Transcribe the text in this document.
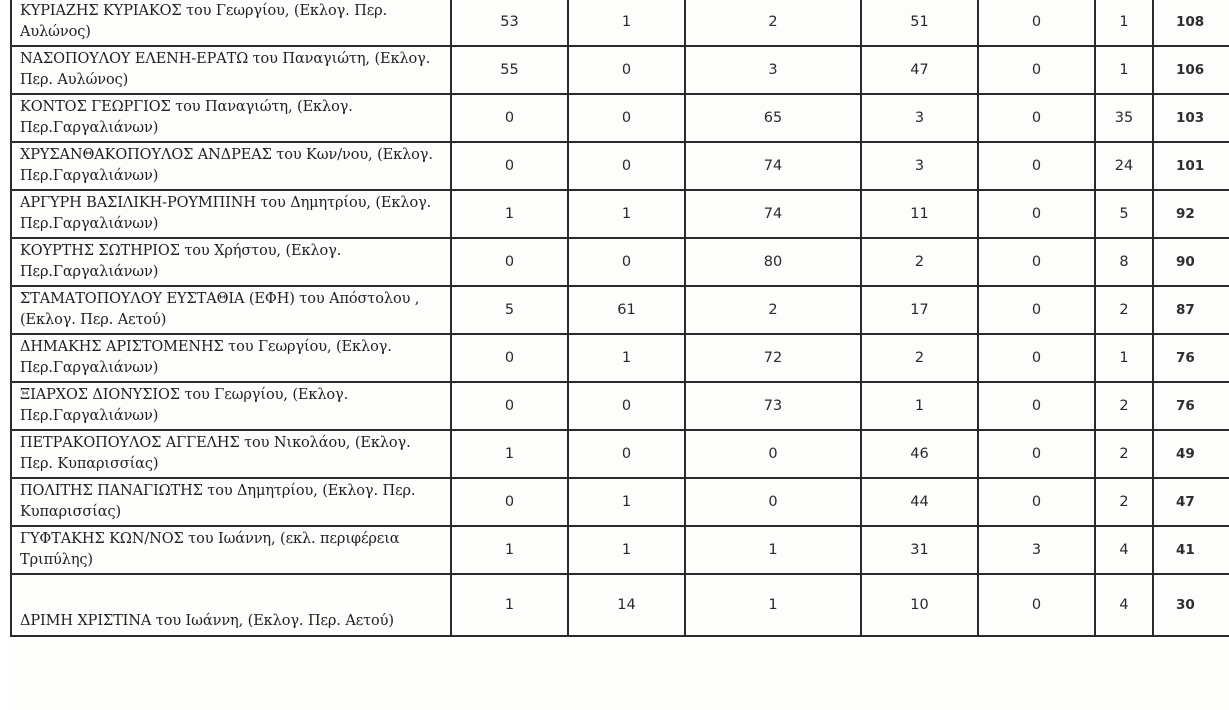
ΚΥΡΙΑΖΗΣ ΚΥΡΙΑΚΟΣ του Γεωργίου, (Εκλογ. Περ. Αυλώνος)	53	1	2	51	0	1	108
ΝΑΣΟΠΟΥΛΟΥ ΕΛΕΝΗ-ΕΡΑΤΩ του Παναγιώτη, (Εκλογ. Περ. Αυλώνος)	55	0	3	47	0	1	106
ΚΟΝΤΟΣ ΓΕΩΡΓΙΟΣ του Παναγιώτη, (Εκλογ. Περ.Γαργαλιάνων)	0	0	65	3	0	35	103
ΧΡΥΣΑΝΘΑΚΟΠΟΥΛΟΣ ΑΝΔΡΕΑΣ του Κων/νου, (Εκλογ. Περ.Γαργαλιάνων)	0	0	74	3	0	24	101
ΑΡΓΥΡΗ ΒΑΣΙΛΙΚΗ-ΡΟΥΜΠΙΝΗ του Δημητρίου, (Εκλογ. Περ.Γαργαλιάνων)	1	1	74	11	0	5	92
ΚΟΥΡΤΗΣ ΣΩΤΗΡΙΟΣ του Χρήστου, (Εκλογ. Περ.Γαργαλιάνων)	0	0	80	2	0	8	90
ΣΤΑΜΑΤΟΠΟΥΛΟΥ ΕΥΣΤΑΘΙΑ (ΕΦΗ) του Απόστολου , (Εκλογ. Περ. Αετού)	5	61	2	17	0	2	87
ΔΗΜΑΚΗΣ ΑΡΙΣΤΟΜΕΝΗΣ του Γεωργίου, (Εκλογ. Περ.Γαργαλιάνων)	0	1	72	2	0	1	76
ΞΙΑΡΧΟΣ ΔΙΟΝΥΣΙΟΣ του Γεωργίου, (Εκλογ. Περ.Γαργαλιάνων)	0	0	73	1	0	2	76
ΠΕΤΡΑΚΟΠΟΥΛΟΣ ΑΓΓΕΛΗΣ του Νικολάου, (Εκλογ. Περ. Κυπαρισσίας)	1	0	0	46	0	2	49
ΠΟΛΙΤΗΣ ΠΑΝΑΓΙΩΤΗΣ του Δημητρίου, (Εκλογ. Περ. Κυπαρισσίας)	0	1	0	44	0	2	47
ΓΥΦΤΑΚΗΣ ΚΩΝ/ΝΟΣ του Ιωάννη, (εκλ. περιφέρεια Τριπύλης)	1	1	1	31	3	4	41
ΔΡΙΜΗ ΧΡΙΣΤΙΝΑ του Ιωάννη, (Εκλογ. Περ. Αετού)	1	14	1	10	0	4	30
